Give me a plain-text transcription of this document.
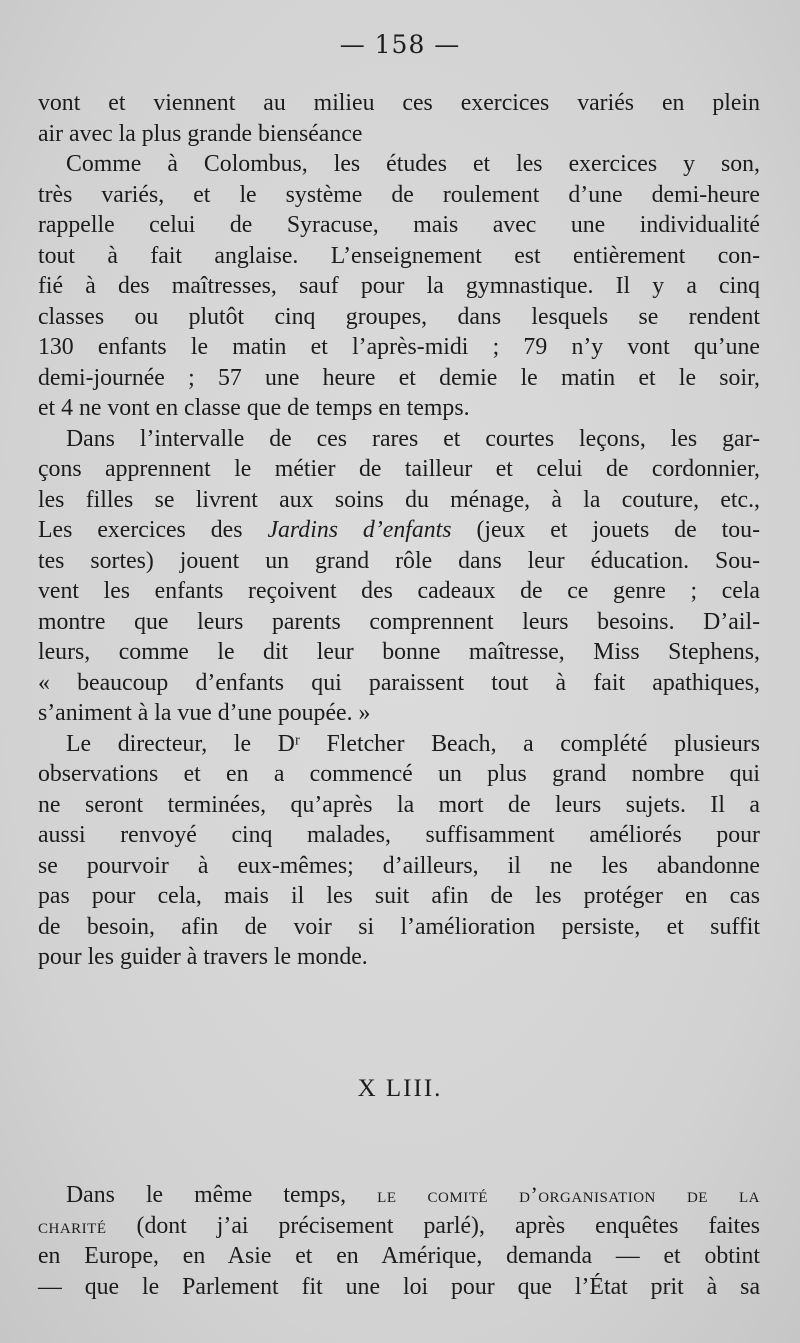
— 158 —
vont et viennent au milieu ces exercices variés en plein
air avec la plus grande bienséance
Comme à Colombus, les études et les exercices y son,
très variés, et le système de roulement d’une demi-heure
rappelle celui de Syracuse, mais avec une individualité
tout à fait anglaise. L’enseignement est entièrement con-
fié à des maîtresses, sauf pour la gymnastique. Il y a cinq
classes ou plutôt cinq groupes, dans lesquels se rendent
130 enfants le matin et l’après-midi ; 79 n’y vont qu’une
demi-journée ; 57 une heure et demie le matin et le soir,
et 4 ne vont en classe que de temps en temps.
Dans l’intervalle de ces rares et courtes leçons, les gar-
çons apprennent le métier de tailleur et celui de cordonnier,
les filles se livrent aux soins du ménage, à la couture, etc.,
Les exercices des Jardins d’enfants (jeux et jouets de tou-
tes sortes) jouent un grand rôle dans leur éducation. Sou-
vent les enfants reçoivent des cadeaux de ce genre ; cela
montre que leurs parents comprennent leurs besoins. D’ail-
leurs, comme le dit leur bonne maîtresse, Miss Stephens,
« beaucoup d’enfants qui paraissent tout à fait apathiques,
s’animent à la vue d’une poupée. »
Le directeur, le Dʳ Fletcher Beach, a complété plusieurs
observations et en a commencé un plus grand nombre qui
ne seront terminées, qu’après la mort de leurs sujets. Il a
aussi renvoyé cinq malades, suffisamment améliorés pour
se pourvoir à eux-mêmes; d’ailleurs, il ne les abandonne
pas pour cela, mais il les suit afin de les protéger en cas
de besoin, afin de voir si l’amélioration persiste, et suffit
pour les guider à travers le monde.
X LIII.
Dans le même temps, le comité d’organisation de la
charité (dont j’ai précisement parlé), après enquêtes faites
en Europe, en Asie et en Amérique, demanda — et obtint
— que le Parlement fit une loi pour que l’État prit à sa
